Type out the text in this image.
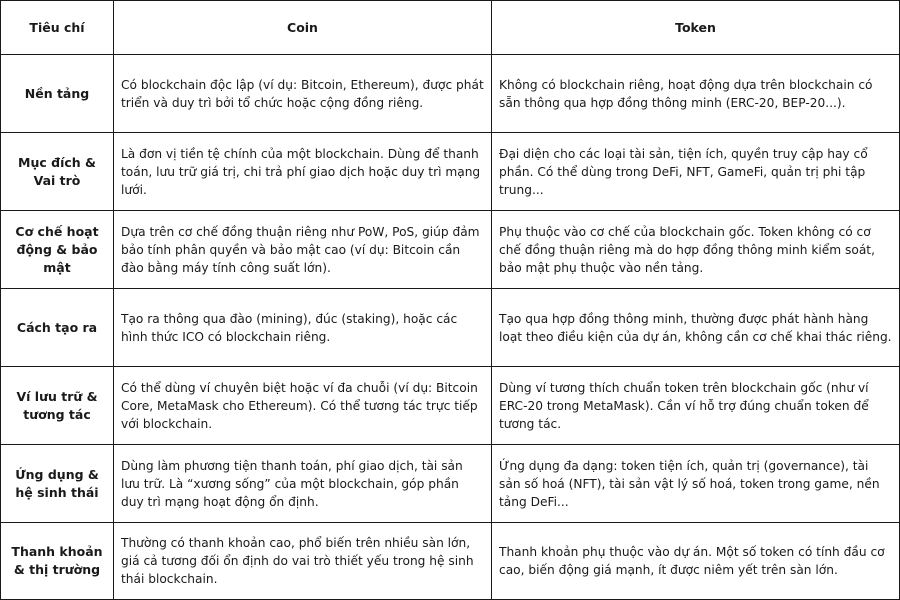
Tiêu chí	Coin	Token
Nền tảng	Có blockchain độc lập (ví dụ: Bitcoin, Ethereum), được phát triển và duy trì bởi tổ chức hoặc cộng đồng riêng.	Không có blockchain riêng, hoạt động dựa trên blockchain có sẵn thông qua hợp đồng thông minh (ERC-20, BEP-20...).
Mục đích & Vai trò	Là đơn vị tiền tệ chính của một blockchain. Dùng để thanh toán, lưu trữ giá trị, chi trả phí giao dịch hoặc duy trì mạng lưới.	Đại diện cho các loại tài sản, tiện ích, quyền truy cập hay cổ phần. Có thể dùng trong DeFi, NFT, GameFi, quản trị phi tập trung...
Cơ chế hoạt động & bảo mật	Dựa trên cơ chế đồng thuận riêng như PoW, PoS, giúp đảm bảo tính phân quyền và bảo mật cao (ví dụ: Bitcoin cần đào bằng máy tính công suất lớn).	Phụ thuộc vào cơ chế của blockchain gốc. Token không có cơ chế đồng thuận riêng mà do hợp đồng thông minh kiểm soát, bảo mật phụ thuộc vào nền tảng.
Cách tạo ra	Tạo ra thông qua đào (mining), đúc (staking), hoặc các hình thức ICO có blockchain riêng.	Tạo qua hợp đồng thông minh, thường được phát hành hàng loạt theo điều kiện của dự án, không cần cơ chế khai thác riêng.
Ví lưu trữ & tương tác	Có thể dùng ví chuyên biệt hoặc ví đa chuỗi (ví dụ: Bitcoin Core, MetaMask cho Ethereum). Có thể tương tác trực tiếp với blockchain.	Dùng ví tương thích chuẩn token trên blockchain gốc (như ví ERC-20 trong MetaMask). Cần ví hỗ trợ đúng chuẩn token để tương tác.
Ứng dụng & hệ sinh thái	Dùng làm phương tiện thanh toán, phí giao dịch, tài sản lưu trữ. Là “xương sống” của một blockchain, góp phần duy trì mạng hoạt động ổn định.	Ứng dụng đa dạng: token tiện ích, quản trị (governance), tài sản số hoá (NFT), tài sản vật lý số hoá, token trong game, nền tảng DeFi...
Thanh khoản & thị trường	Thường có thanh khoản cao, phổ biến trên nhiều sàn lớn, giá cả tương đối ổn định do vai trò thiết yếu trong hệ sinh thái blockchain.	Thanh khoản phụ thuộc vào dự án. Một số token có tính đầu cơ cao, biến động giá mạnh, ít được niêm yết trên sàn lớn.
